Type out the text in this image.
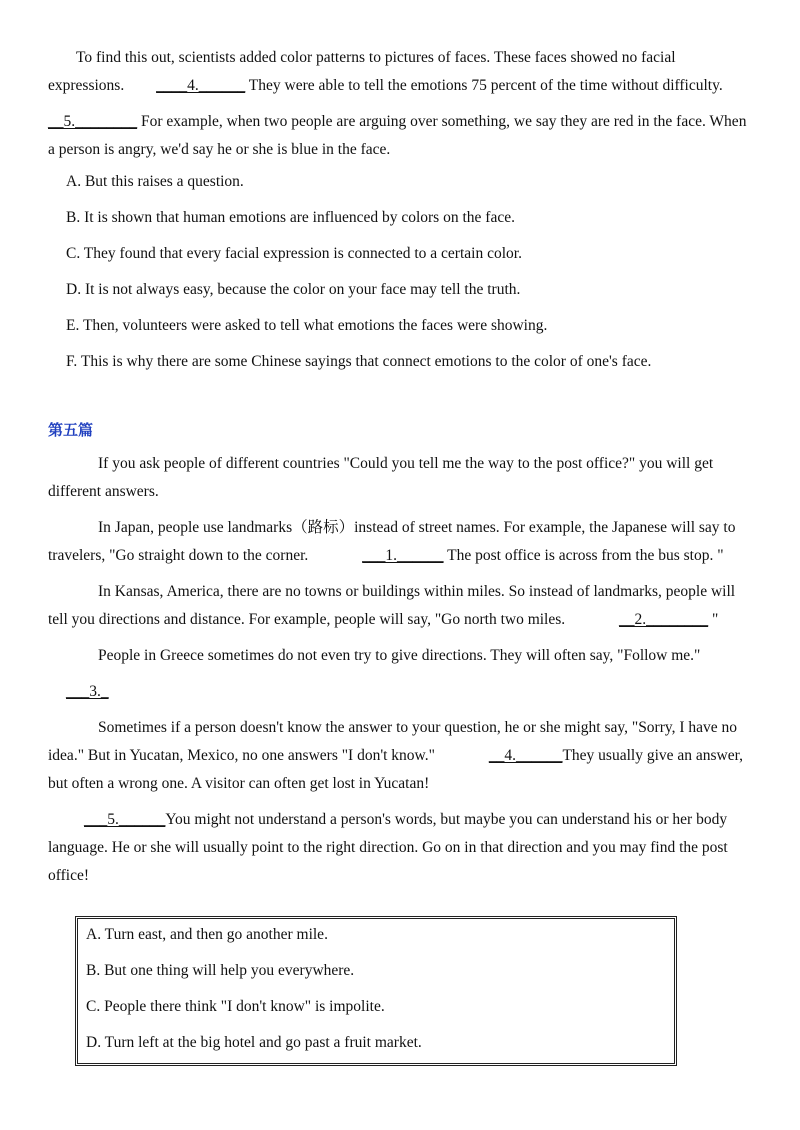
To find this out, scientists added color patterns to pictures of faces. These faces showed no facial expressions. ____4.______ They were able to tell the emotions 75 percent of the time without difficulty.

__5.________ For example, when two people are arguing over something, we say they are red in the face. When a person is angry, we'd say he or she is blue in the face.

A. But this raises a question.

B. It is shown that human emotions are influenced by colors on the face.

C. They found that every facial expression is connected to a certain color.

D. It is not always easy, because the color on your face may tell the truth.

E. Then, volunteers were asked to tell what emotions the faces were showing.

F. This is why there are some Chinese sayings that connect emotions to the color of one's face.

第五篇

If you ask people of different countries "Could you tell me the way to the post office?" you will get different answers.

In Japan, people use landmarks（路标）instead of street names. For example, the Japanese will say to travelers, "Go straight down to the corner.	___1.______ The post office is across from the bus stop. "

In Kansas, America, there are no towns or buildings within miles. So instead of landmarks, people will tell you directions and distance. For example, people will say, "Go north two miles.	__2.________ "

People in Greece sometimes do not even try to give directions. They will often say, "Follow me."

___3._

Sometimes if a person doesn't know the answer to your question, he or she might say, "Sorry, I have no idea." But in Yucatan, Mexico, no one answers "I don't know."	__4.______They usually give an answer, but often a wrong one. A visitor can often get lost in Yucatan!

___5.______You might not understand a person's words, but maybe you can understand his or her body language. He or she will usually point to the right direction. Go on in that direction and you may find the post office!

A. Turn east, and then go another mile.

B. But one thing will help you everywhere.

C. People there think "I don't know" is impolite.

D. Turn left at the big hotel and go past a fruit market.
